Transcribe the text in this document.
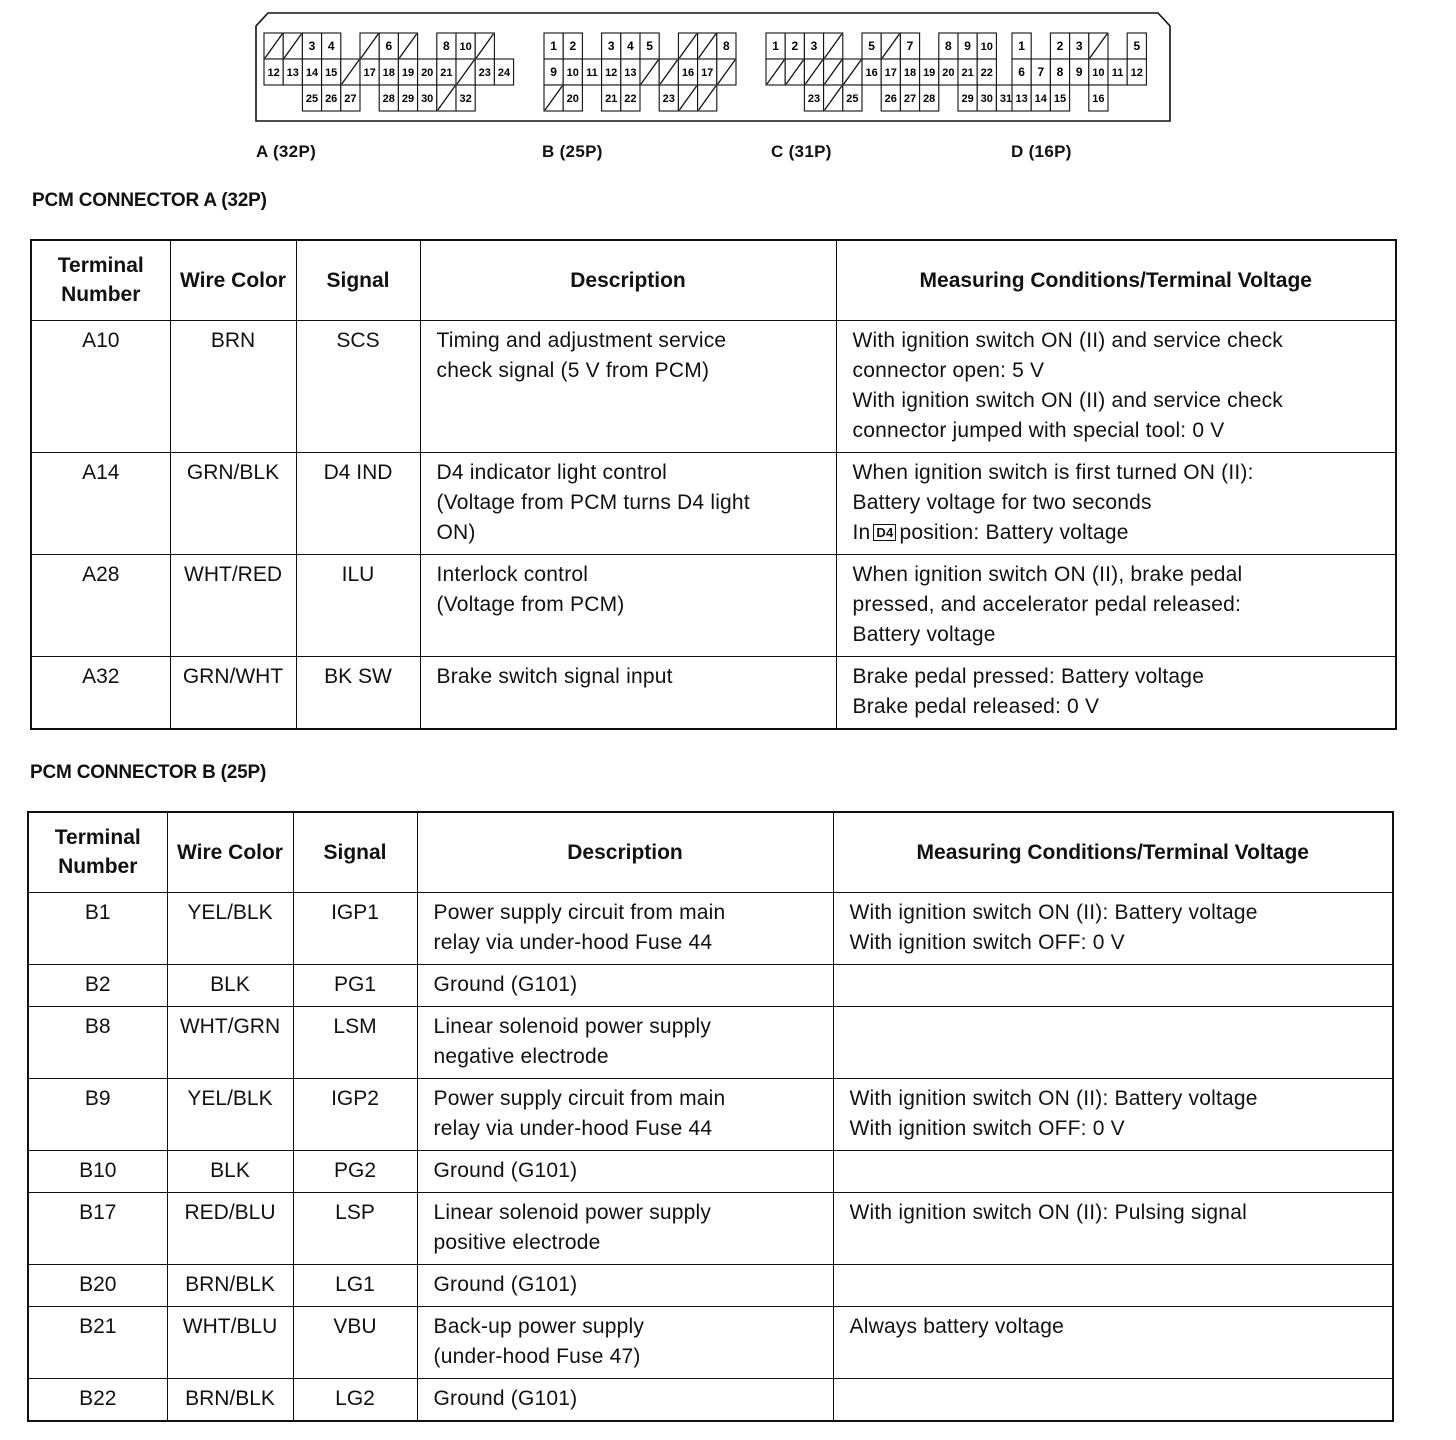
3 4	6	8 10
12 13 14 15 17 18 19 20 21 23 24
25 26 27 28 29 30 32
1 2	3 4 5	8
9 10 11 12 13	16 17
20 21 22 23
1 2 3	5	7	8 9 10
16 17 18 19 20 21 22
23 25 26 27 28 29 30 31
1	2 3	5
6 7 8 9 10 11 12
13 14 15 16
A (32P)	B (25P)	C (31P)	D (16P)
PCM CONNECTOR A (32P)
Terminal Number	Wire Color	Signal	Description	Measuring Conditions/Terminal Voltage
A10	BRN	SCS	Timing and adjustment service
check signal (5 V from PCM)	With ignition switch ON (II) and service check
connector open: 5 V
With ignition switch ON (II) and service check
connector jumped with special tool: 0 V

A14	GRN/BLK	D4 IND	D4 indicator light control
(Voltage from PCM turns D4 light
ON)	When ignition switch is first turned ON (II):
Battery voltage for two seconds
In D4 position: Battery voltage

A28	WHT/RED	ILU	Interlock control
(Voltage from PCM)	When ignition switch ON (II), brake pedal
pressed, and accelerator pedal released:
Battery voltage

A32	GRN/WHT	BK SW	Brake switch signal input	Brake pedal pressed: Battery voltage
Brake pedal released: 0 V
PCM CONNECTOR B (25P)
Terminal Number	Wire Color	Signal	Description	Measuring Conditions/Terminal Voltage
B1	YEL/BLK	IGP1	Power supply circuit from main
relay via under-hood Fuse 44	With ignition switch ON (II): Battery voltage
With ignition switch OFF: 0 V

B2	BLK	PG1	Ground (G101)	

B8	WHT/GRN	LSM	Linear solenoid power supply
negative electrode	

B9	YEL/BLK	IGP2	Power supply circuit from main
relay via under-hood Fuse 44	With ignition switch ON (II): Battery voltage
With ignition switch OFF: 0 V

B10	BLK	PG2	Ground (G101)	

B17	RED/BLU	LSP	Linear solenoid power supply
positive electrode	With ignition switch ON (II): Pulsing signal

B20	BRN/BLK	LG1	Ground (G101)	

B21	WHT/BLU	VBU	Back-up power supply
(under-hood Fuse 47)	Always battery voltage

B22	BRN/BLK	LG2	Ground (G101)	
